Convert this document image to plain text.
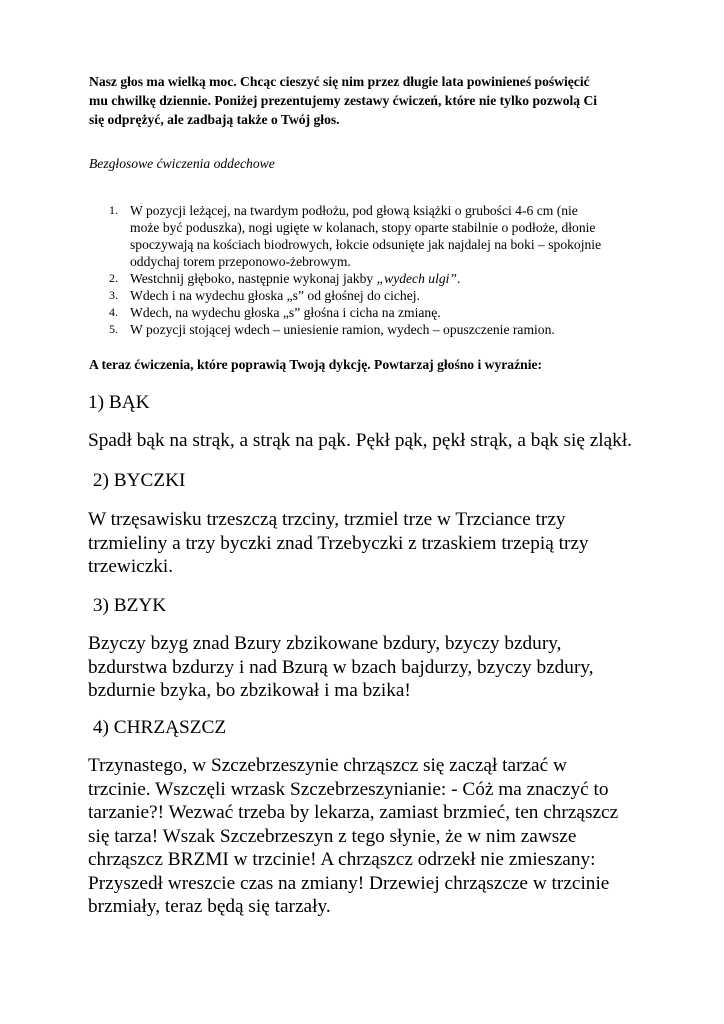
Nasz głos ma wielką moc. Chcąc cieszyć się nim przez długie lata powinieneś poświęcić
mu chwilkę dziennie. Poniżej prezentujemy zestawy ćwiczeń, które nie tylko pozwolą Ci
się odprężyć, ale zadbają także o Twój głos.
Bezgłosowe ćwiczenia oddechowe
1. W pozycji leżącej, na twardym podłożu, pod głową książki o grubości 4-6 cm (nie
może być poduszka), nogi ugięte w kolanach, stopy oparte stabilnie o podłoże, dłonie
spoczywają na kościach biodrowych, łokcie odsunięte jak najdalej na boki – spokojnie
oddychaj torem przeponowo-żebrowym.
2. Westchnij głęboko, następnie wykonaj jakby „wydech ulgi”.
3. Wdech i na wydechu głoska „s” od głośnej do cichej.
4. Wdech, na wydechu głoska „s” głośna i cicha na zmianę.
5. W pozycji stojącej wdech – uniesienie ramion, wydech – opuszczenie ramion.
A teraz ćwiczenia, które poprawią Twoją dykcję. Powtarzaj głośno i wyraźnie:
1) BĄK
Spadł bąk na strąk, a strąk na pąk. Pękł pąk, pękł strąk, a bąk się zląkł.
2) BYCZKI
W trzęsawisku trzeszczą trzciny, trzmiel trze w Trzciance trzy
trzmieliny a trzy byczki znad Trzebyczki z trzaskiem trzepią trzy
trzewiczki.
3) BZYK
Bzyczy bzyg znad Bzury zbzikowane bzdury, bzyczy bzdury,
bzdurstwa bzdurzy i nad Bzurą w bzach bajdurzy, bzyczy bzdury,
bzdurnie bzyka, bo zbzikował i ma bzika!
4) CHRZĄSZCZ
Trzynastego, w Szczebrzeszynie chrząszcz się zaczął tarzać w
trzcinie. Wszczęli wrzask Szczebrzeszynianie: - Cóż ma znaczyć to
tarzanie?! Wezwać trzeba by lekarza, zamiast brzmieć, ten chrząszcz
się tarza! Wszak Szczebrzeszyn z tego słynie, że w nim zawsze
chrząszcz BRZMI w trzcinie! A chrząszcz odrzekł nie zmieszany:
Przyszedł wreszcie czas na zmiany! Drzewiej chrząszcze w trzcinie
brzmiały, teraz będą się tarzały.
